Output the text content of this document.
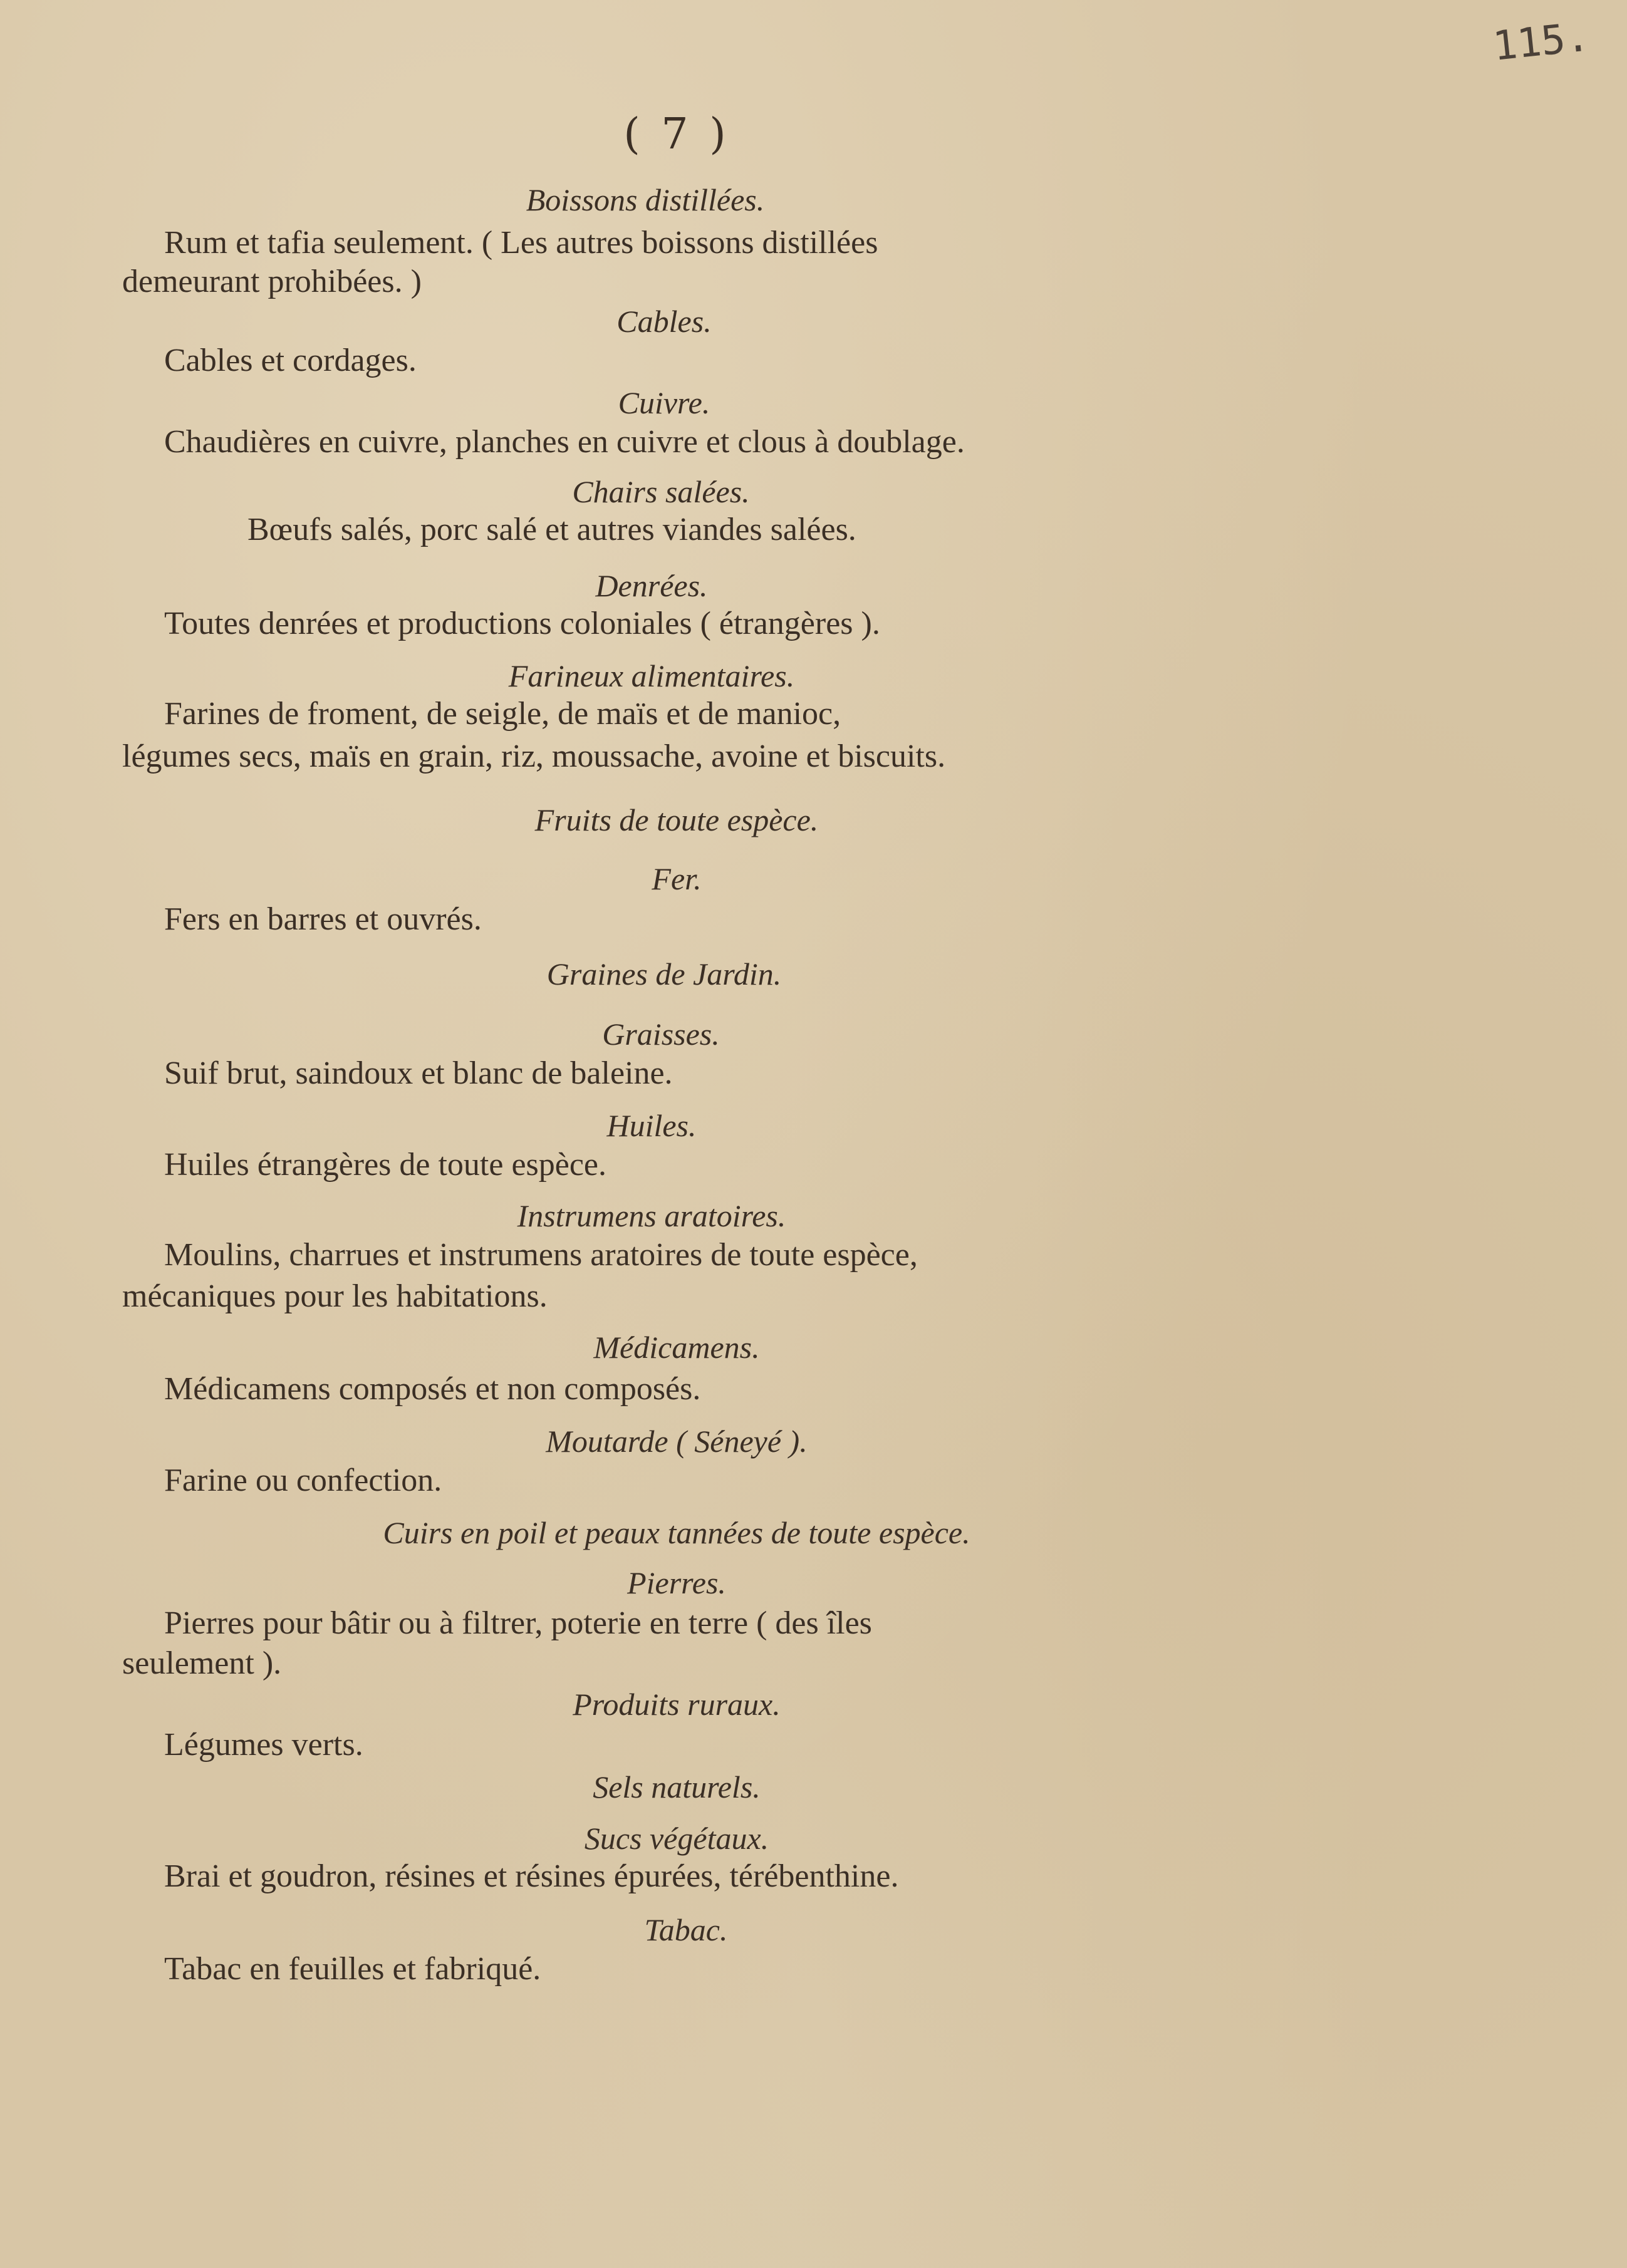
115.
( 7 )

Boissons distillées.

Rum et tafia seulement. ( Les autres boissons distillées

demeurant prohibées. )

Cables.

Cables et cordages.

Cuivre.

Chaudières en cuivre, planches en cuivre et clous à doublage.

Chairs salées.

Bœufs salés, porc salé et autres viandes salées.

Denrées.

Toutes denrées et productions coloniales ( étrangères ).

Farineux alimentaires.

Farines de froment, de seigle, de maïs et de manioc,

légumes secs, maïs en grain, riz, moussache, avoine et biscuits.

Fruits de toute espèce.

Fer.

Fers en barres et ouvrés.

Graines de Jardin.

Graisses.

Suif brut, saindoux et blanc de baleine.

Huiles.

Huiles étrangères de toute espèce.

Instrumens aratoires.

Moulins, charrues et instrumens aratoires de toute espèce,

mécaniques pour les habitations.

Médicamens.

Médicamens composés et non composés.

Moutarde ( Séneyé ).

Farine ou confection.

Cuirs en poil et peaux tannées de toute espèce.

Pierres.

Pierres pour bâtir ou à filtrer, poterie en terre ( des îles

seulement ).

Produits ruraux.

Légumes verts.

Sels naturels.

Sucs végétaux.

Brai et goudron, résines et résines épurées, térébenthine.

Tabac.

Tabac en feuilles et fabriqué.
